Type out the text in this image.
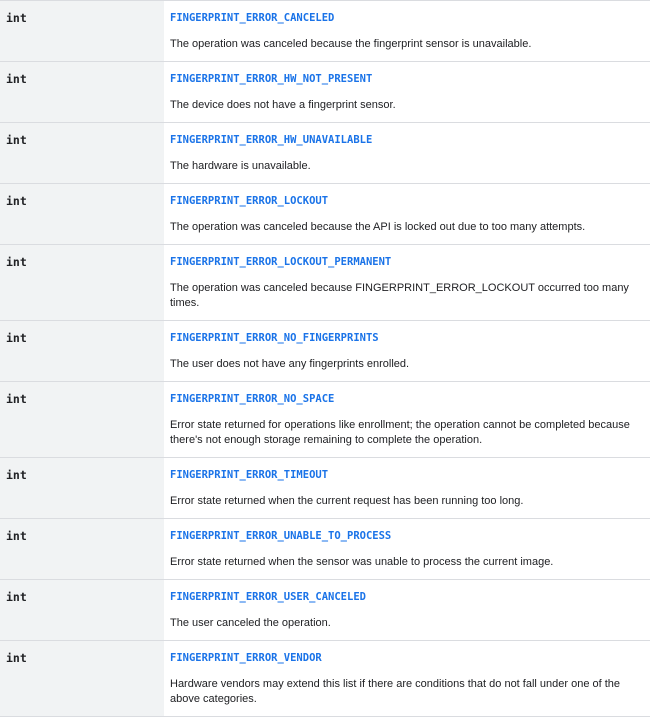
int	FINGERPRINT_ERROR_CANCELED

The operation was canceled because the fingerprint sensor is unavailable.

int	FINGERPRINT_ERROR_HW_NOT_PRESENT

The device does not have a fingerprint sensor.

int	FINGERPRINT_ERROR_HW_UNAVAILABLE

The hardware is unavailable.

int	FINGERPRINT_ERROR_LOCKOUT

The operation was canceled because the API is locked out due to too many attempts.

int	FINGERPRINT_ERROR_LOCKOUT_PERMANENT

The operation was canceled because FINGERPRINT_ERROR_LOCKOUT occurred too many times.

int	FINGERPRINT_ERROR_NO_FINGERPRINTS

The user does not have any fingerprints enrolled.

int	FINGERPRINT_ERROR_NO_SPACE

Error state returned for operations like enrollment; the operation cannot be completed because there's not enough storage remaining to complete the operation.

int	FINGERPRINT_ERROR_TIMEOUT

Error state returned when the current request has been running too long.

int	FINGERPRINT_ERROR_UNABLE_TO_PROCESS

Error state returned when the sensor was unable to process the current image.

int	FINGERPRINT_ERROR_USER_CANCELED

The user canceled the operation.

int	FINGERPRINT_ERROR_VENDOR

Hardware vendors may extend this list if there are conditions that do not fall under one of the above categories.
